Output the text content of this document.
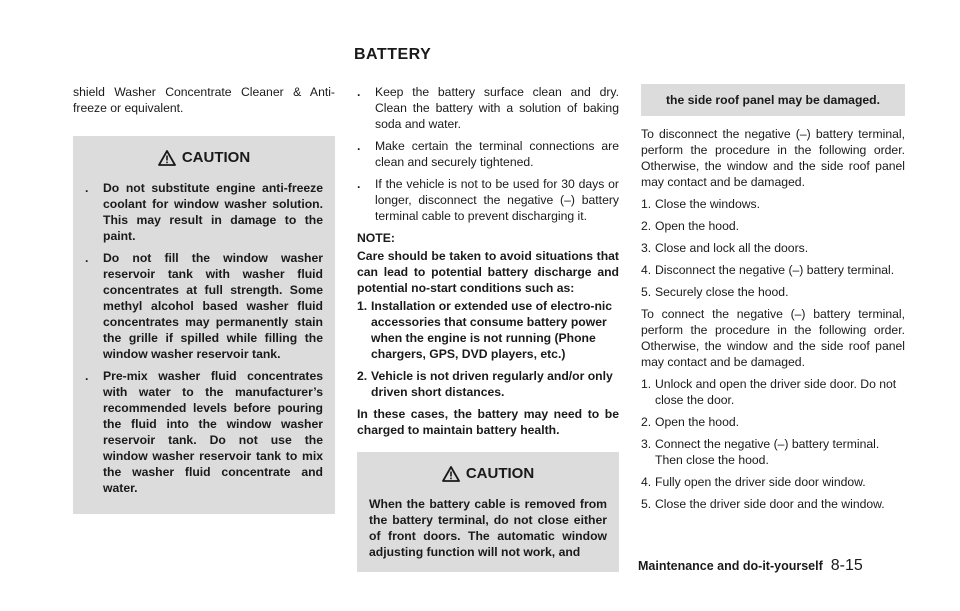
BATTERY

shield Washer Concentrate Cleaner & Anti-freeze or equivalent.

CAUTION
. Do not substitute engine anti-freeze coolant for window washer solution. This may result in damage to the paint.
. Do not fill the window washer reservoir tank with washer fluid concentrates at full strength. Some methyl alcohol based washer fluid concentrates may permanently stain the grille if spilled while filling the window washer reservoir tank.
. Pre-mix washer fluid concentrates with water to the manufacturer’s recommended levels before pouring the fluid into the window washer reservoir tank. Do not use the window washer reservoir tank to mix the washer fluid concentrate and water.
. Keep the battery surface clean and dry. Clean the battery with a solution of baking soda and water.
. Make certain the terminal connections are clean and securely tightened.
. If the vehicle is not to be used for 30 days or longer, disconnect the negative (–) battery terminal cable to prevent discharging it.

NOTE:

Care should be taken to avoid situations that can lead to potential battery discharge and potential no-start conditions such as:

1. Installation or extended use of electro-nic accessories that consume battery power when the engine is not running (Phone chargers, GPS, DVD players, etc.)
2. Vehicle is not driven regularly and/or only driven short distances.

In these cases, the battery may need to be charged to maintain battery health.

CAUTION

When the battery cable is removed from the battery terminal, do not close either of front doors. The automatic window adjusting function will not work, and

the side roof panel may be damaged.

To disconnect the negative (–) battery terminal, perform the procedure in the following order. Otherwise, the window and the side roof panel may contact and be damaged.

1. Close the windows.
2. Open the hood.
3. Close and lock all the doors.
4. Disconnect the negative (–) battery terminal.
5. Securely close the hood.

To connect the negative (–) battery terminal, perform the procedure in the following order. Otherwise, the window and the side roof panel may contact and be damaged.

1. Unlock and open the driver side door. Do not close the door.
2. Open the hood.
3. Connect the negative (–) battery terminal. Then close the hood.
4. Fully open the driver side door window.
5. Close the driver side door and the window.
Maintenance and do-it-yourself 8-15
